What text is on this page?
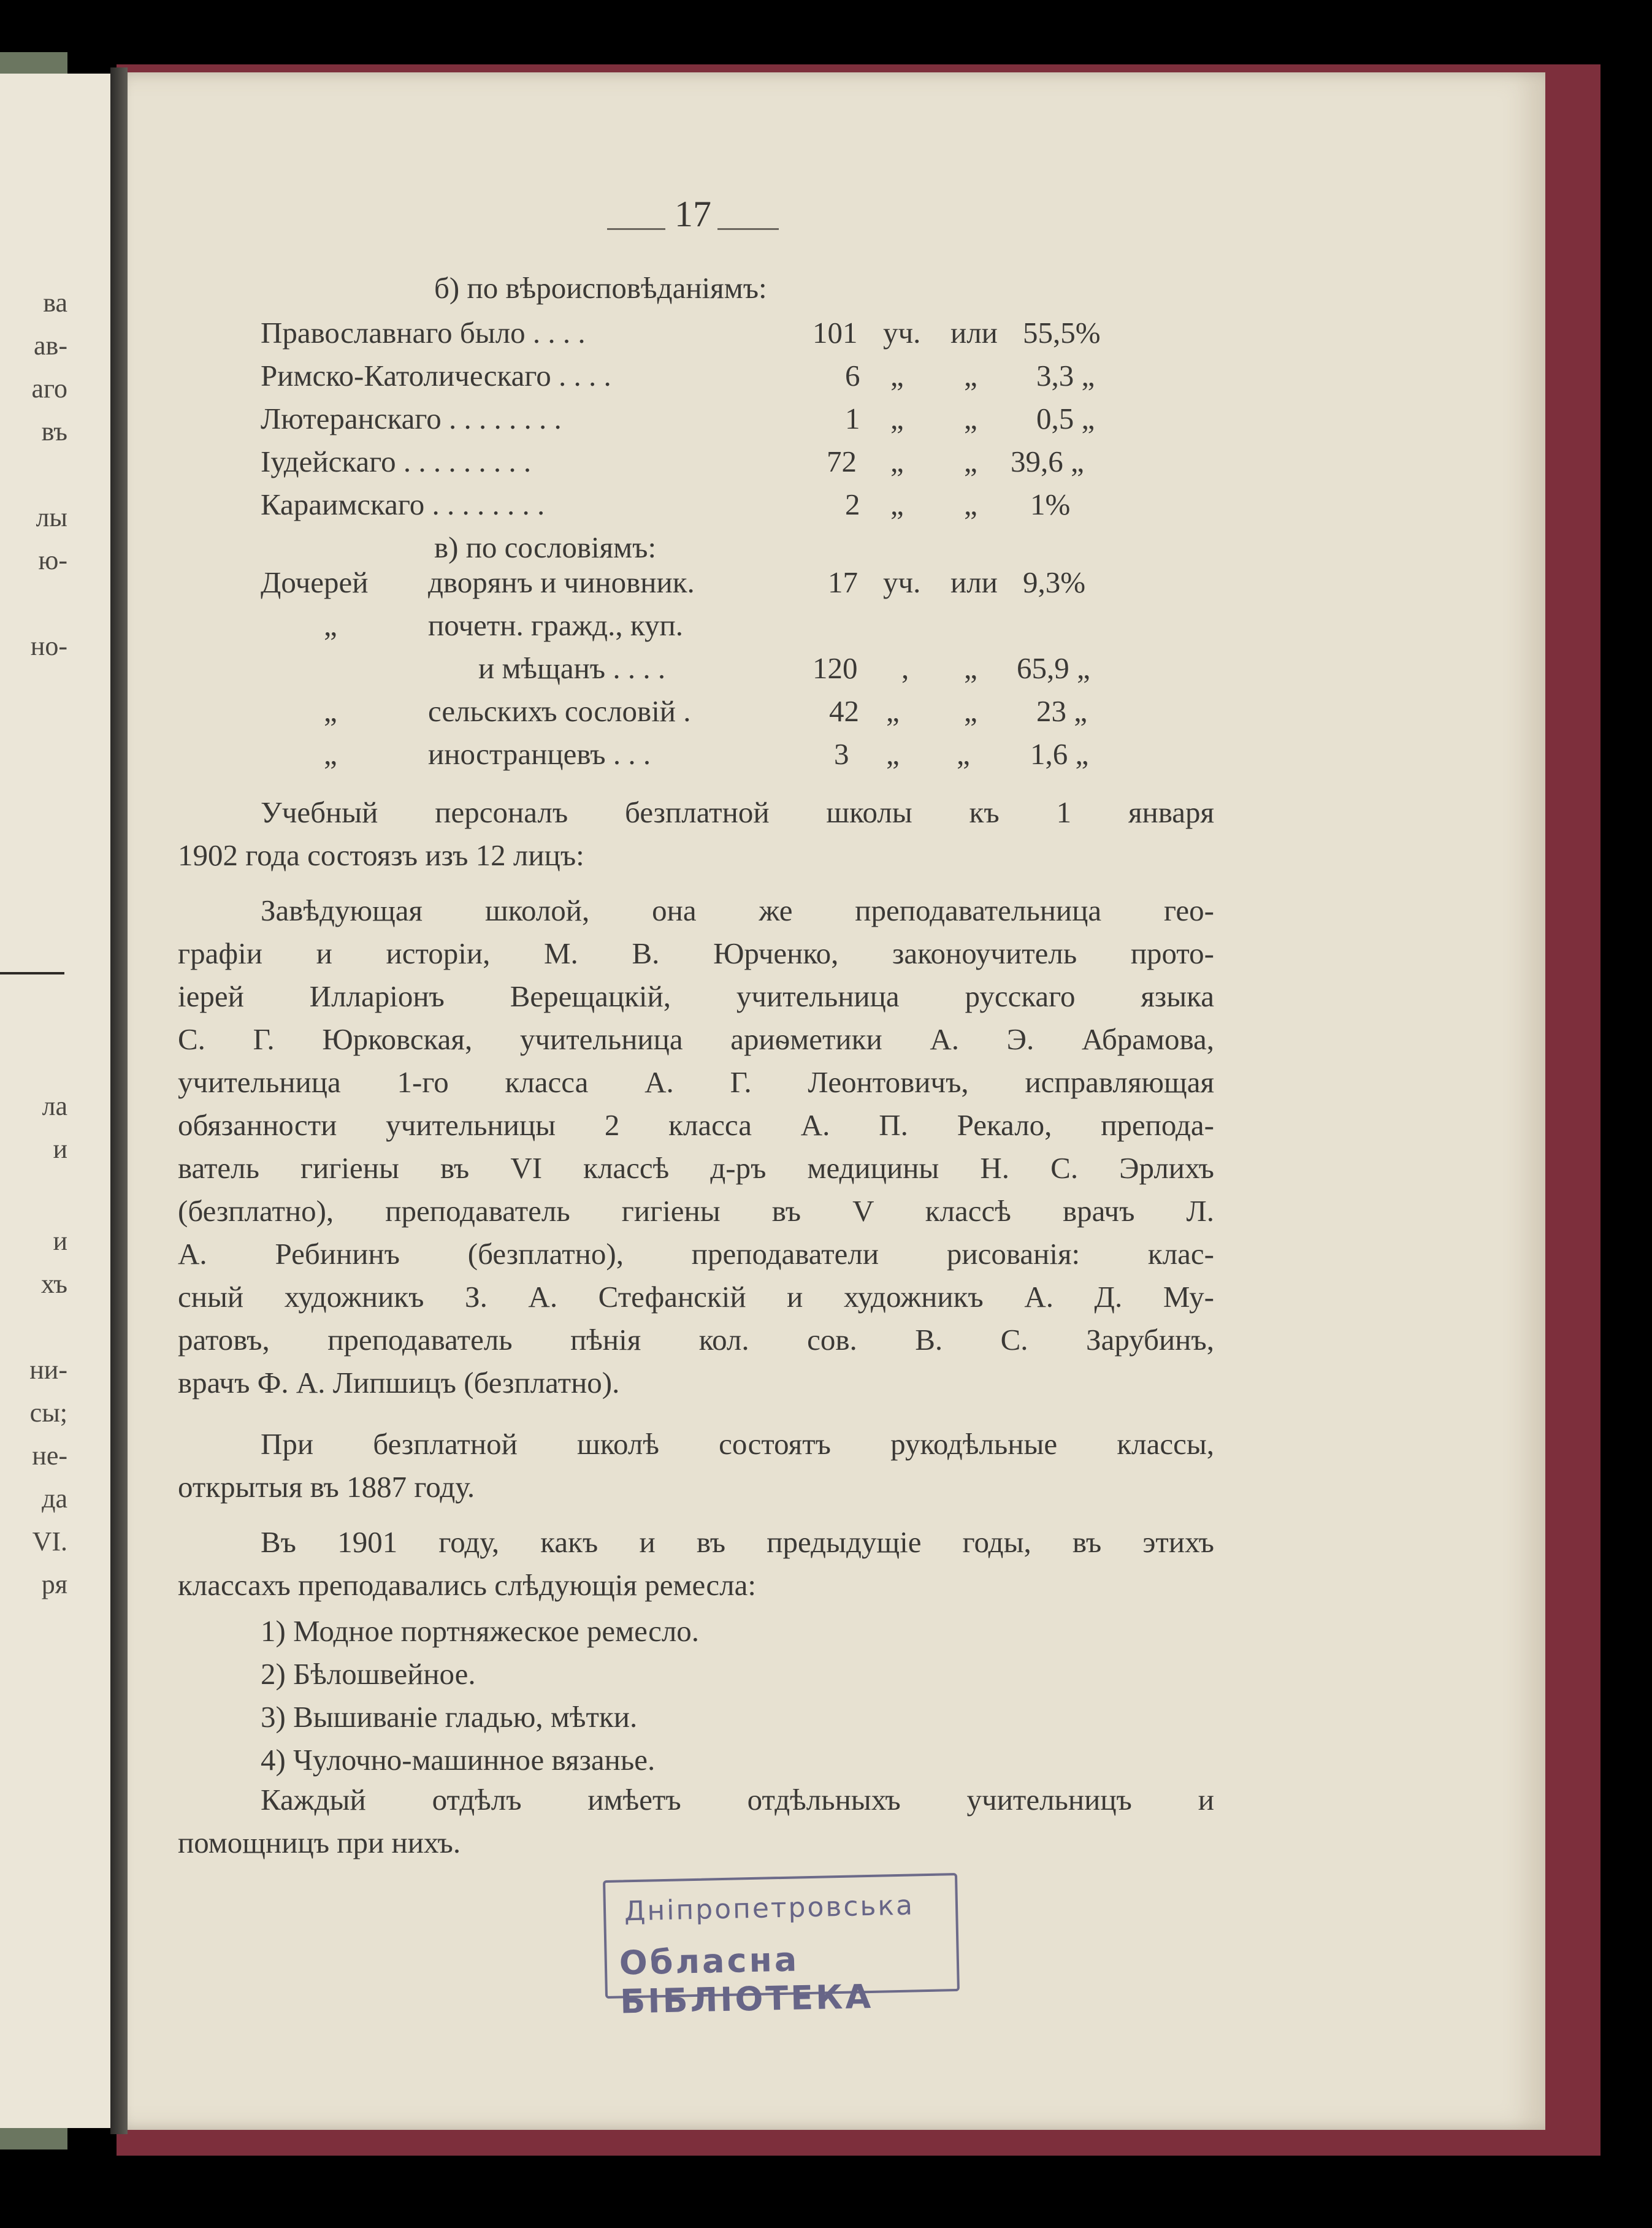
ва
ав-
аго
въ
лы
ю-
но-
ла
и
и
хъ
ни-
сы;
не-
да
VI.
ря
17
б) по вѣроисповѣданіямъ:
Православнаго было . . . .	101 уч. или 55,5%
Римско-Католическаго . . . .	6 „ „ 3,3 „
Лютеранскаго . . . . . . . .	1 „ „ 0,5 „
Іудейскаго . . . . . . . . .	72 „ „ 39,6 „
Караимскаго . . . . . . . .	2 „ „ 1%
в) по сословіямъ:
Дочерей дворянъ и чиновник.	17 уч. или 9,3%
„	почетн. гражд., куп.
и мѣщанъ . . . .	120 , „ 65,9 „
„	сельскихъ сословій .	42 „ „ 23 „
„	иностранцевъ . . .	3 „ „ 1,6 „
Учебный персоналъ безплатной школы къ 1 января
1902 года состоязъ изъ 12 лицъ:
Завѣдующая школой, она же преподавательница гео-
графіи и исторіи, М. В. Юрченко, законоучитель прото-
іерей Илларіонъ Верещацкій, учительница русскаго языка
С. Г. Юрковская, учительница ариѳметики А. Э. Абрамова,
учительница 1-го класса А. Г. Леонтовичъ, исправляющая
обязанности учительницы 2 класса А. П. Рекало, препода-
ватель гигіены въ VI классѣ д-ръ медицины Н. С. Эрлихъ
(безплатно), преподаватель гигіены въ V классѣ врачъ Л.
А. Ребининъ (безплатно), преподаватели рисованія: клас-
сный художникъ З. А. Стефанскій и художникъ А. Д. Му-
ратовъ, преподаватель пѣнія кол. сов. В. С. Зарубинъ,
врачъ Ф. А. Липшицъ (безплатно).
При безплатной школѣ состоятъ рукодѣльные классы,
открытыя въ 1887 году.
Въ 1901 году, какъ и въ предыдущіе годы, въ этихъ
классахъ преподавались слѣдующія ремесла:
1) Модное портняжеское ремесло.
2) Бѣлошвейное.
3) Вышиваніе гладью, мѣтки.
4) Чулочно-машинное вязанье.
Каждый отдѣлъ имѣетъ отдѣльныхъ учительницъ и
помощницъ при нихъ.
Дніпропетровська
Обласна БІБЛІОТЕКА
